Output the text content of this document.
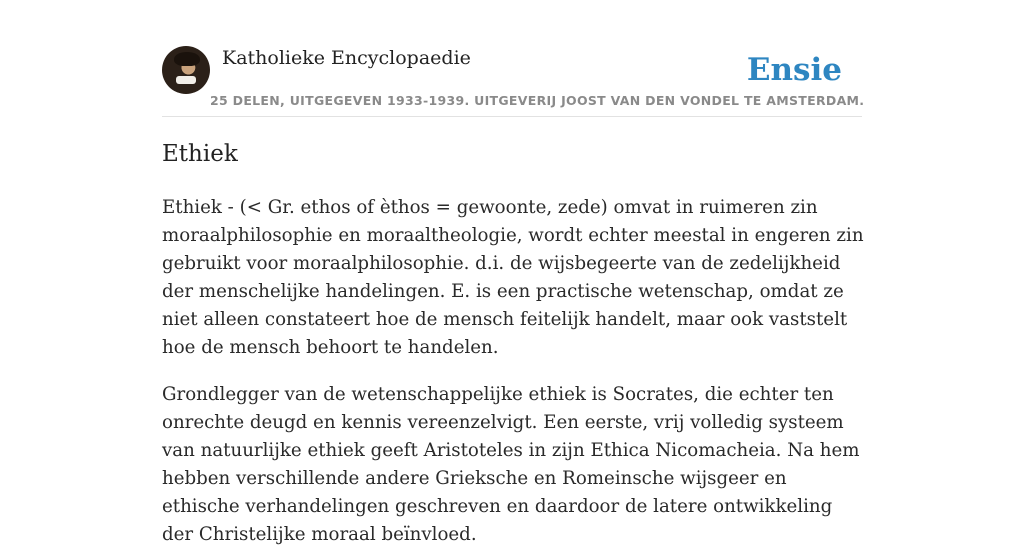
Katholieke Encyclopaedie
25 DELEN, UITGEGEVEN 1933-1939. UITGEVERIJ JOOST VAN DEN VONDEL TE AMSTERDAM.
Ensie
Ethiek

Ethiek - (< Gr. ethos of èthos = gewoonte, zede) omvat in ruimeren zin moraalphilosophie en moraaltheologie, wordt echter meestal in engeren zin gebruikt voor moraalphilosophie. d.i. de wijsbegeerte van de zedelijkheid der menschelijke handelingen. E. is een practische wetenschap, omdat ze niet alleen constateert hoe de mensch feitelijk handelt, maar ook vaststelt hoe de mensch behoort te handelen.

Grondlegger van de wetenschappelijke ethiek is Socrates, die echter ten onrechte deugd en kennis vereenzelvigt. Een eerste, vrij volledig systeem van natuurlijke ethiek geeft Aristoteles in zijn Ethica Nicomacheia. Na hem hebben verschillende andere Grieksche en Romeinsche wijsgeer en ethische verhandelingen geschreven en daardoor de latere ontwikkeling der Christelijke moraal beïnvloed.
